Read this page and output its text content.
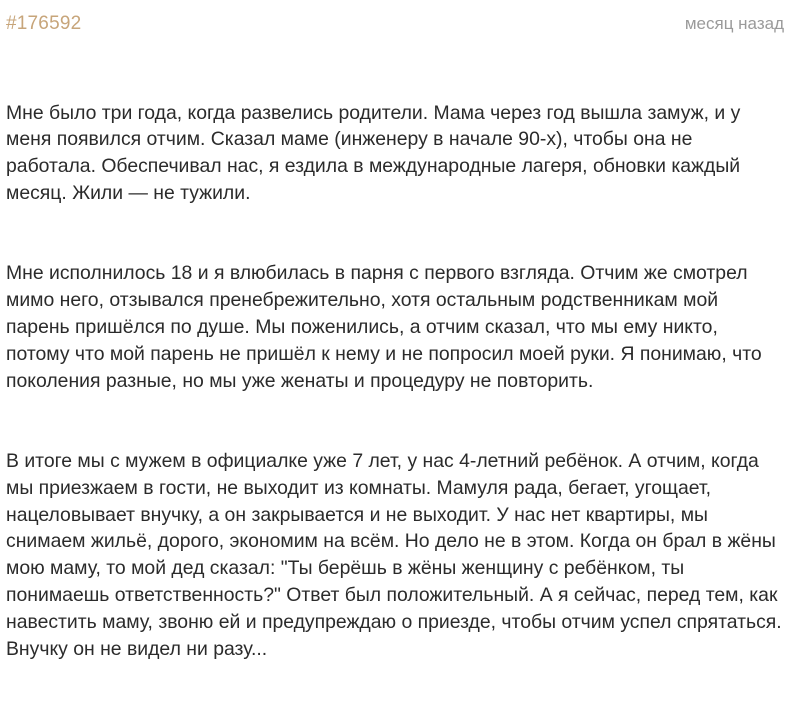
#176592	месяц назад

Мне было три года, когда развелись родители. Мама через год вышла замуж, и у меня появился отчим. Сказал маме (инженеру в начале 90-х), чтобы она не работала. Обеспечивал нас, я ездила в международные лагеря, обновки каждый месяц. Жили — не тужили.

Мне исполнилось 18 и я влюбилась в парня с первого взгляда. Отчим же смотрел мимо него, отзывался пренебрежительно, хотя остальным родственникам мой парень пришёлся по душе. Мы поженились, а отчим сказал, что мы ему никто, потому что мой парень не пришёл к нему и не попросил моей руки. Я понимаю, что поколения разные, но мы уже женаты и процедуру не повторить.

В итоге мы с мужем в официалке уже 7 лет, у нас 4-летний ребёнок. А отчим, когда мы приезжаем в гости, не выходит из комнаты. Мамуля рада, бегает, угощает, нацеловывает внучку, а он закрывается и не выходит. У нас нет квартиры, мы снимаем жильё, дорого, экономим на всём. Но дело не в этом. Когда он брал в жёны мою маму, то мой дед сказал: "Ты берёшь в жёны женщину с ребёнком, ты понимаешь ответственность?" Ответ был положительный. А я сейчас, перед тем, как навестить маму, звоню ей и предупреждаю о приезде, чтобы отчим успел спрятаться. Внучку он не видел ни разу...
